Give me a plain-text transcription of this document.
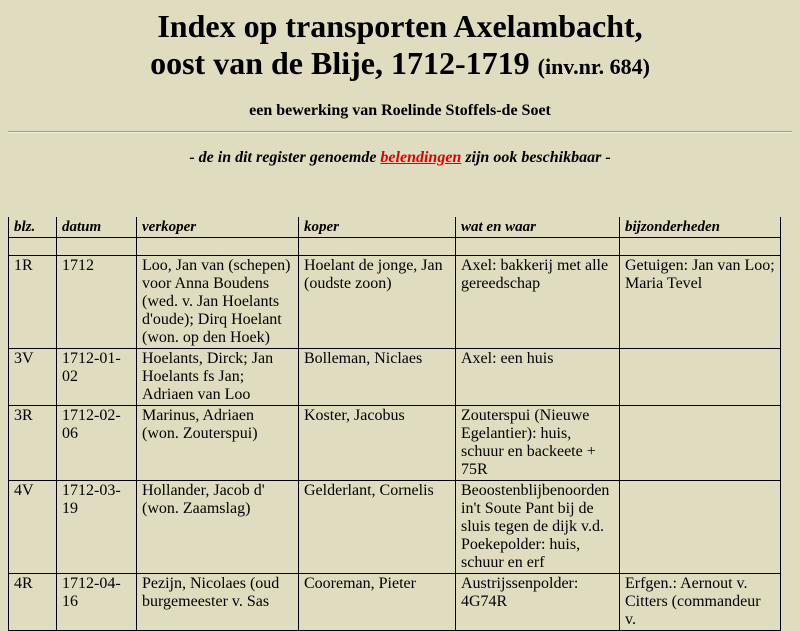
Index op transporten Axelambacht,
oost van de Blije, 1712-1719 (inv.nr. 684)

een bewerking van Roelinde Stoffels-de Soet

- de in dit register genoemde belendingen zijn ook beschikbaar -

blz.	datum	verkoper	koper	wat en waar	bijzonderheden

1R	1712	Loo, Jan van (schepen) voor Anna Boudens (wed. v. Jan Hoelants d'oude); Dirq Hoelant (won. op den Hoek)	Hoelant de jonge, Jan (oudste zoon)	Axel: bakkerij met alle gereedschap	Getuigen: Jan van Loo; Maria Tevel
3V	1712-01-02	Hoelants, Dirck; Jan Hoelants fs Jan; Adriaen van Loo	Bolleman, Niclaes	Axel: een huis	
3R	1712-02-06	Marinus, Adriaen (won. Zouterspui)	Koster, Jacobus	Zouterspui (Nieuwe Egelantier): huis, schuur en backeete + 75R	
4V	1712-03-19	Hollander, Jacob d' (won. Zaamslag)	Gelderlant, Cornelis	Beoostenblijbenoorden in't Soute Pant bij de sluis tegen de dijk v.d. Poekepolder: huis, schuur en erf	
4R	1712-04-16	Pezijn, Nicolaes (oud burgemeester v. Sas	Cooreman, Pieter	Austrijssenpolder: 4G74R	Erfgen.: Aernout v. Citters (commandeur v.
